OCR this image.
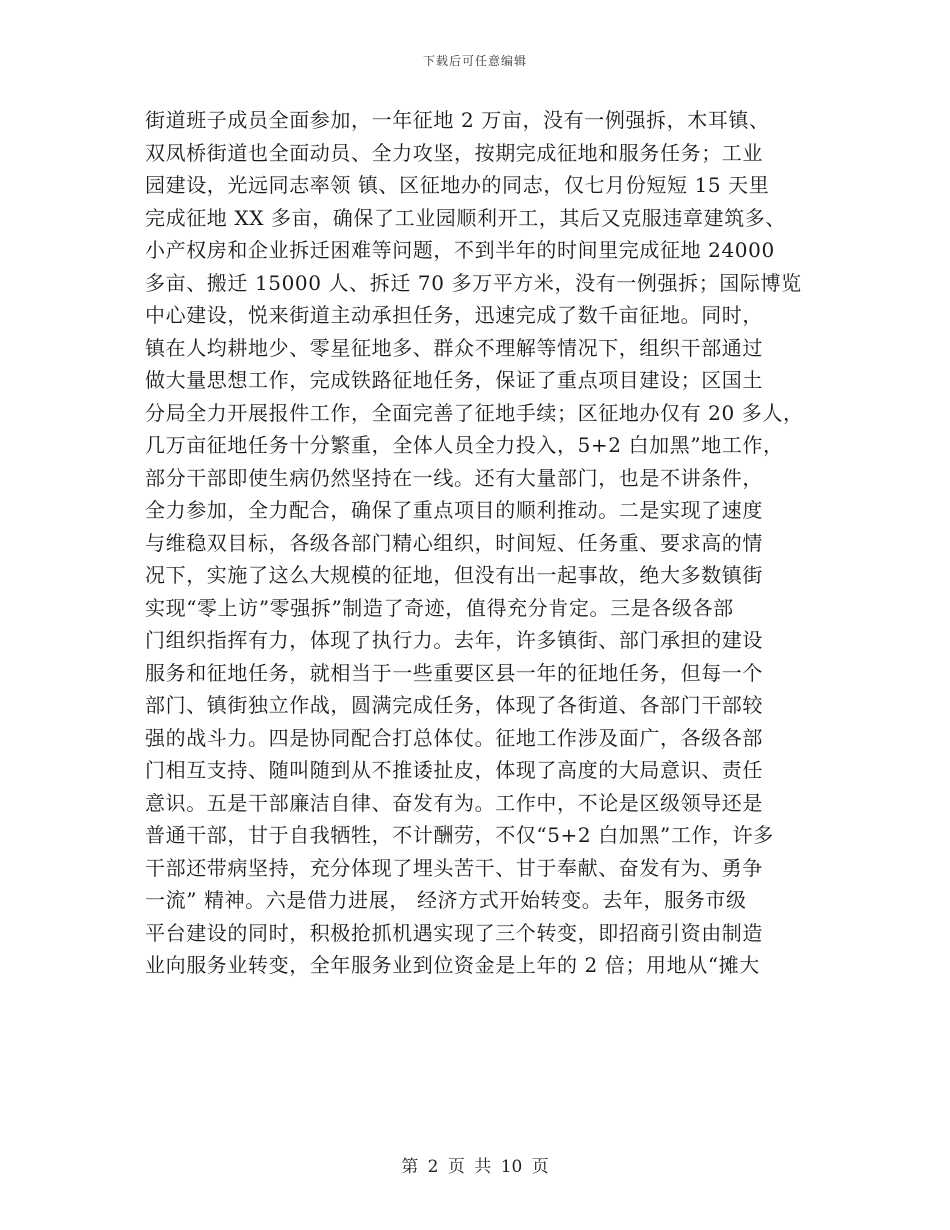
下载后可任意编辑
街道班子成员全面参加，一年征地 2 万亩，没有一例强拆，木耳镇、
双凤桥街道也全面动员、全力攻坚，按期完成征地和服务任务；工业
园建设，光远同志率领 镇、区征地办的同志，仅七月份短短 15 天里
完成征地 XX 多亩，确保了工业园顺利开工，其后又克服违章建筑多、
小产权房和企业拆迁困难等问题，不到半年的时间里完成征地 24000
多亩、搬迁 15000 人、拆迁 70 多万平方米，没有一例强拆；国际博览
中心建设，悦来街道主动承担任务，迅速完成了数千亩征地。同时，
镇在人均耕地少、零星征地多、群众不理解等情况下，组织干部通过
做大量思想工作，完成铁路征地任务，保证了重点项目建设；区国土
分局全力开展报件工作，全面完善了征地手续；区征地办仅有 20 多人，
几万亩征地任务十分繁重，全体人员全力投入，5+2 白加黑”地工作，
部分干部即使生病仍然坚持在一线。还有大量部门，也是不讲条件，
全力参加，全力配合，确保了重点项目的顺利推动。二是实现了速度
与维稳双目标，各级各部门精心组织，时间短、任务重、要求高的情
况下，实施了这么大规模的征地，但没有出一起事故，绝大多数镇街
实现“零上访”零强拆”制造了奇迹，值得充分肯定。三是各级各部
门组织指挥有力，体现了执行力。去年，许多镇街、部门承担的建设
服务和征地任务，就相当于一些重要区县一年的征地任务，但每一个
部门、镇街独立作战，圆满完成任务，体现了各街道、各部门干部较
强的战斗力。四是协同配合打总体仗。征地工作涉及面广，各级各部
门相互支持、随叫随到从不推诿扯皮，体现了高度的大局意识、责任
意识。五是干部廉洁自律、奋发有为。工作中，不论是区级领导还是
普通干部，甘于自我牺牲，不计酬劳，不仅“5+2 白加黑”工作，许多
干部还带病坚持，充分体现了埋头苦干、甘于奉献、奋发有为、勇争
一流” 精神。六是借力进展， 经济方式开始转变。去年，服务市级
平台建设的同时，积极抢抓机遇实现了三个转变，即招商引资由制造
业向服务业转变，全年服务业到位资金是上年的 2 倍；用地从“摊大
第 2 页 共 10 页
